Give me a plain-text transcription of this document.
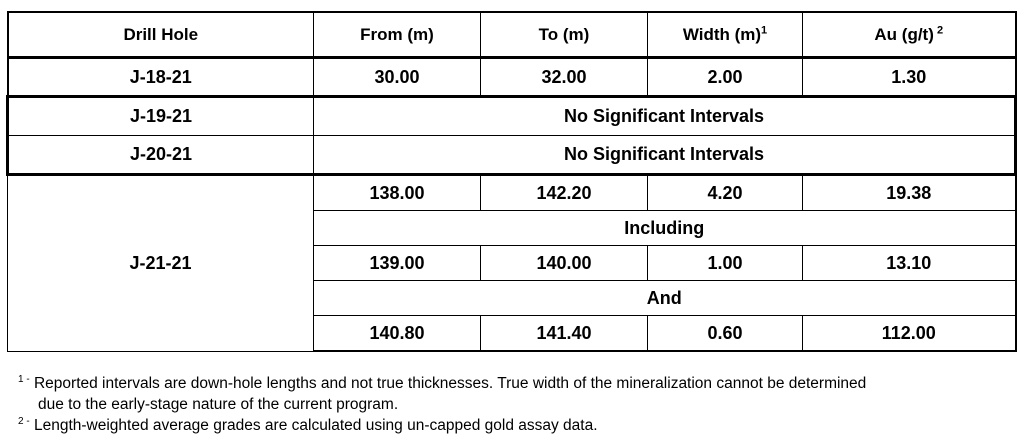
Drill Hole	From (m)	To (m)	Width $(m)^1$	Au (g/t) $^2$
J-18-21	30.00	32.00	2.00	1.30
J-19-21	No Significant Intervals			
J-20-21	No Significant Intervals			
J-21-21	138.00	142.20	4.20	19.38
	Including			
	139.00	140.00	1.00	13.10
	And			
	140.80	141.40	0.60	112.00
$^{1 -}$ Reported intervals are down-hole lengths and not true thicknesses. True width of the mineralization cannot be determined
due to the early-stage nature of the current program.
$^{2 -}$ Length-weighted average grades are calculated using un-capped gold assay data.
